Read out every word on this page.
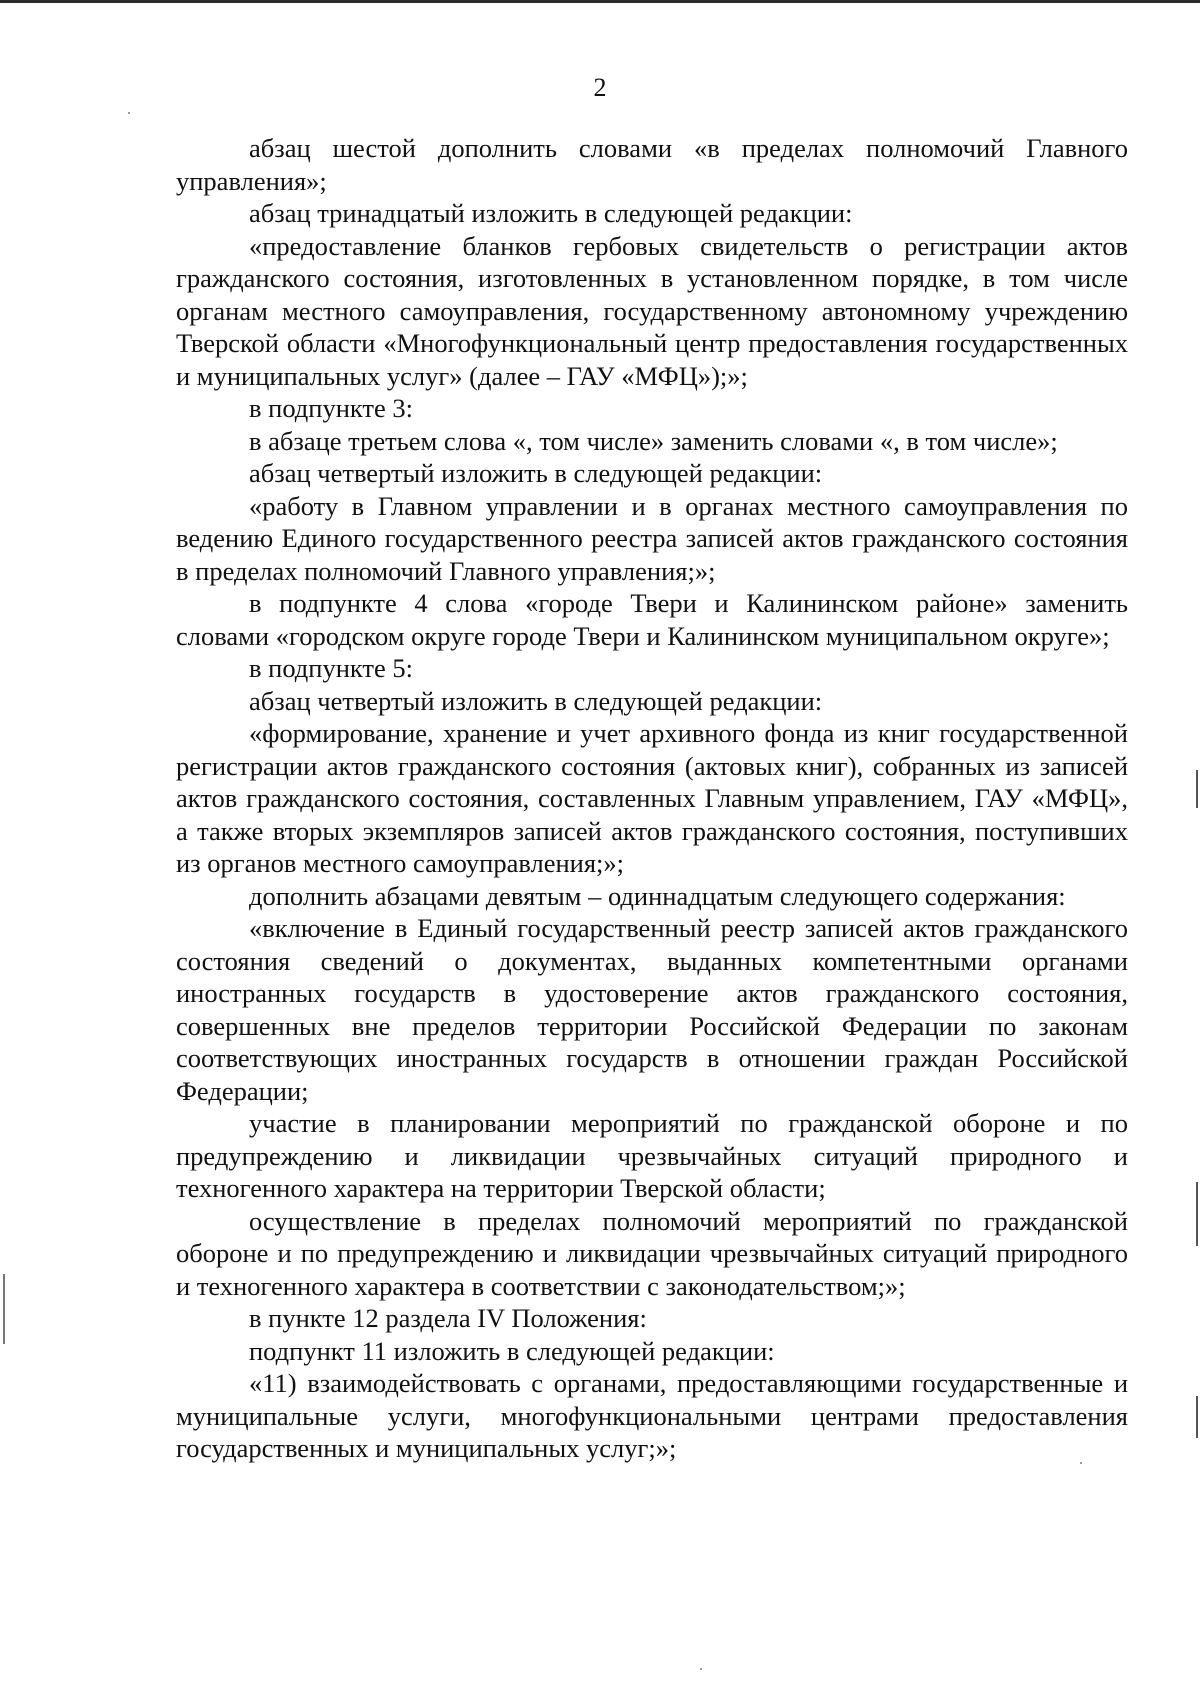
2

абзац шестой дополнить словами «в пределах полномочий Главного управления»;

абзац тринадцатый изложить в следующей редакции:

«предоставление бланков гербовых свидетельств о регистрации актов гражданского состояния, изготовленных в установленном порядке, в том числе органам местного самоуправления, государственному автономному учреждению Тверской области «Многофункциональный центр предоставления государственных и муниципальных услуг» (далее – ГАУ «МФЦ»);»;

в подпункте 3:

в абзаце третьем слова «, том числе» заменить словами «, в том числе»;

абзац четвертый изложить в следующей редакции:

«работу в Главном управлении и в органах местного самоуправления по ведению Единого государственного реестра записей актов гражданского состояния в пределах полномочий Главного управления;»;

в подпункте 4 слова «городе Твери и Калининском районе» заменить словами «городском округе городе Твери и Калининском муниципальном округе»;

в подпункте 5:

абзац четвертый изложить в следующей редакции:

«формирование, хранение и учет архивного фонда из книг государственной регистрации актов гражданского состояния (актовых книг), собранных из записей актов гражданского состояния, составленных Главным управлением, ГАУ «МФЦ», а также вторых экземпляров записей актов гражданского состояния, поступивших из органов местного самоуправления;»;

дополнить абзацами девятым – одиннадцатым следующего содержания:

«включение в Единый государственный реестр записей актов гражданского состояния сведений о документах, выданных компетентными органами иностранных государств в удостоверение актов гражданского состояния, совершенных вне пределов территории Российской Федерации по законам соответствующих иностранных государств в отношении граждан Российской Федерации;

участие в планировании мероприятий по гражданской обороне и по предупреждению и ликвидации чрезвычайных ситуаций природного и техногенного характера на территории Тверской области;

осуществление в пределах полномочий мероприятий по гражданской обороне и по предупреждению и ликвидации чрезвычайных ситуаций природного и техногенного характера в соответствии с законодательством;»;

в пункте 12 раздела IV Положения:

подпункт 11 изложить в следующей редакции:

«11) взаимодействовать с органами, предоставляющими государственные и муниципальные услуги, многофункциональными центрами предоставления государственных и муниципальных услуг;»;
